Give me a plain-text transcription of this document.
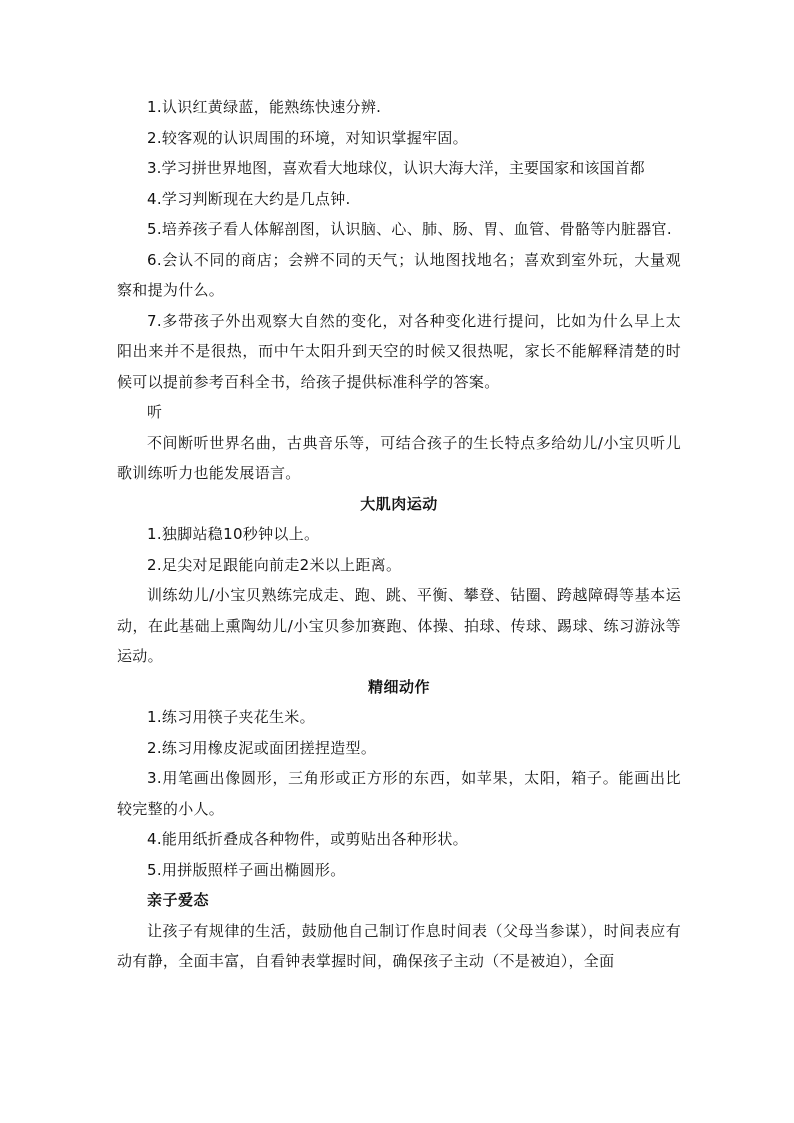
1.认识红黄绿蓝，能熟练快速分辨.

2.较客观的认识周围的环境，对知识掌握牢固。

3.学习拼世界地图，喜欢看大地球仪，认识大海大洋，主要国家和该国首都

4.学习判断现在大约是几点钟.

5.培养孩子看人体解剖图，认识脑、心、肺、肠、胃、血管、骨骼等内脏器官.

6.会认不同的商店；会辨不同的天气；认地图找地名；喜欢到室外玩，大量观察和提为什么。

7.多带孩子外出观察大自然的变化，对各种变化进行提问，比如为什么早上太阳出来并不是很热，而中午太阳升到天空的时候又很热呢，家长不能解释清楚的时候可以提前参考百科全书，给孩子提供标准科学的答案。

听

不间断听世界名曲，古典音乐等，可结合孩子的生长特点多给幼儿/小宝贝听儿歌训练听力也能发展语言。

大肌肉运动

1.独脚站稳10秒钟以上。

2.足尖对足跟能向前走2米以上距离。

训练幼儿/小宝贝熟练完成走、跑、跳、平衡、攀登、钻圈、跨越障碍等基本运动，在此基础上熏陶幼儿/小宝贝参加赛跑、体操、拍球、传球、踢球、练习游泳等运动。

精细动作

1.练习用筷子夹花生米。

2.练习用橡皮泥或面团搓捏造型。

3.用笔画出像圆形，三角形或正方形的东西，如苹果，太阳，箱子。能画出比较完整的小人。

4.能用纸折叠成各种物件，或剪贴出各种形状。

5.用拼版照样子画出椭圆形。

亲子爱态

让孩子有规律的生活，鼓励他自己制订作息时间表（父母当参谋），时间表应有动有静，全面丰富，自看钟表掌握时间，确保孩子主动（不是被迫），全面
